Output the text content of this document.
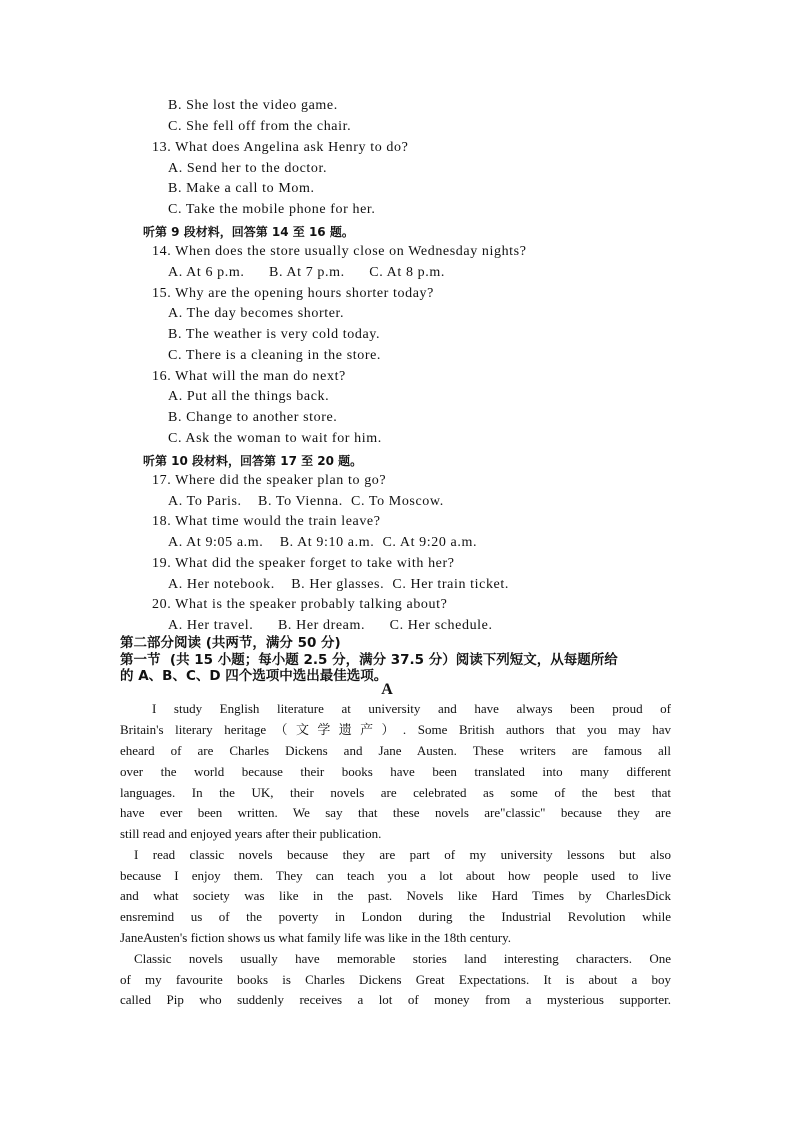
B. She lost the video game.
C. She fell off from the chair.
13. What does Angelina ask Henry to do?
A. Send her to the doctor.
B. Make a call to Mom.
C. Take the mobile phone for her.
听第 9 段材料，回答第 14 至 16 题。
14. When does the store usually close on Wednesday nights?
A. At 6 p.m.      B. At 7 p.m.      C. At 8 p.m.
15. Why are the opening hours shorter today?
A. The day becomes shorter.
B. The weather is very cold today.
C. There is a cleaning in the store.
16. What will the man do next?
A. Put all the things back.
B. Change to another store.
C. Ask the woman to wait for him.
听第 10 段材料，回答第 17 至 20 题。
17. Where did the speaker plan to go?
A. To Paris.    B. To Vienna.  C. To Moscow.
18. What time would the train leave?
A. At 9:05 a.m.    B. At 9:10 a.m.  C. At 9:20 a.m.
19. What did the speaker forget to take with her?
A. Her notebook.    B. Her glasses.  C. Her train ticket.
20. What is the speaker probably talking about?
A. Her travel.      B. Her dream.      C. Her schedule.
第二部分阅读 (共两节，满分 50 分)
第一节  (共 15 小题；每小题 2.5 分，满分 37.5 分）阅读下列短文，从每题所给
的 A、B、C、D 四个选项中选出最佳选项。
A
I study English literature at university and have always been proud of
Britain's literary heritage（文学遗产）. Some British authors that you may hav
eheard of are Charles Dickens and Jane Austen. These writers are famous all
over the world because their books have been translated into many different
languages. In the UK, their novels are celebrated as some of the best that
have ever been written. We say that these novels are"classic" because they are
still read and enjoyed years after their publication.
I read classic novels because they are part of my university lessons but also
because I enjoy them. They can teach you a lot about how people used to live
and what society was like in the past. Novels like Hard Times by CharlesDick
ensremind us of the poverty in London during the Industrial Revolution while
JaneAusten's fiction shows us what family life was like in the 18th century.
Classic novels usually have memorable stories land interesting characters. One
of my favourite books is Charles Dickens Great Expectations. It is about a boy
called Pip who suddenly receives a lot of money from a mysterious supporter.
